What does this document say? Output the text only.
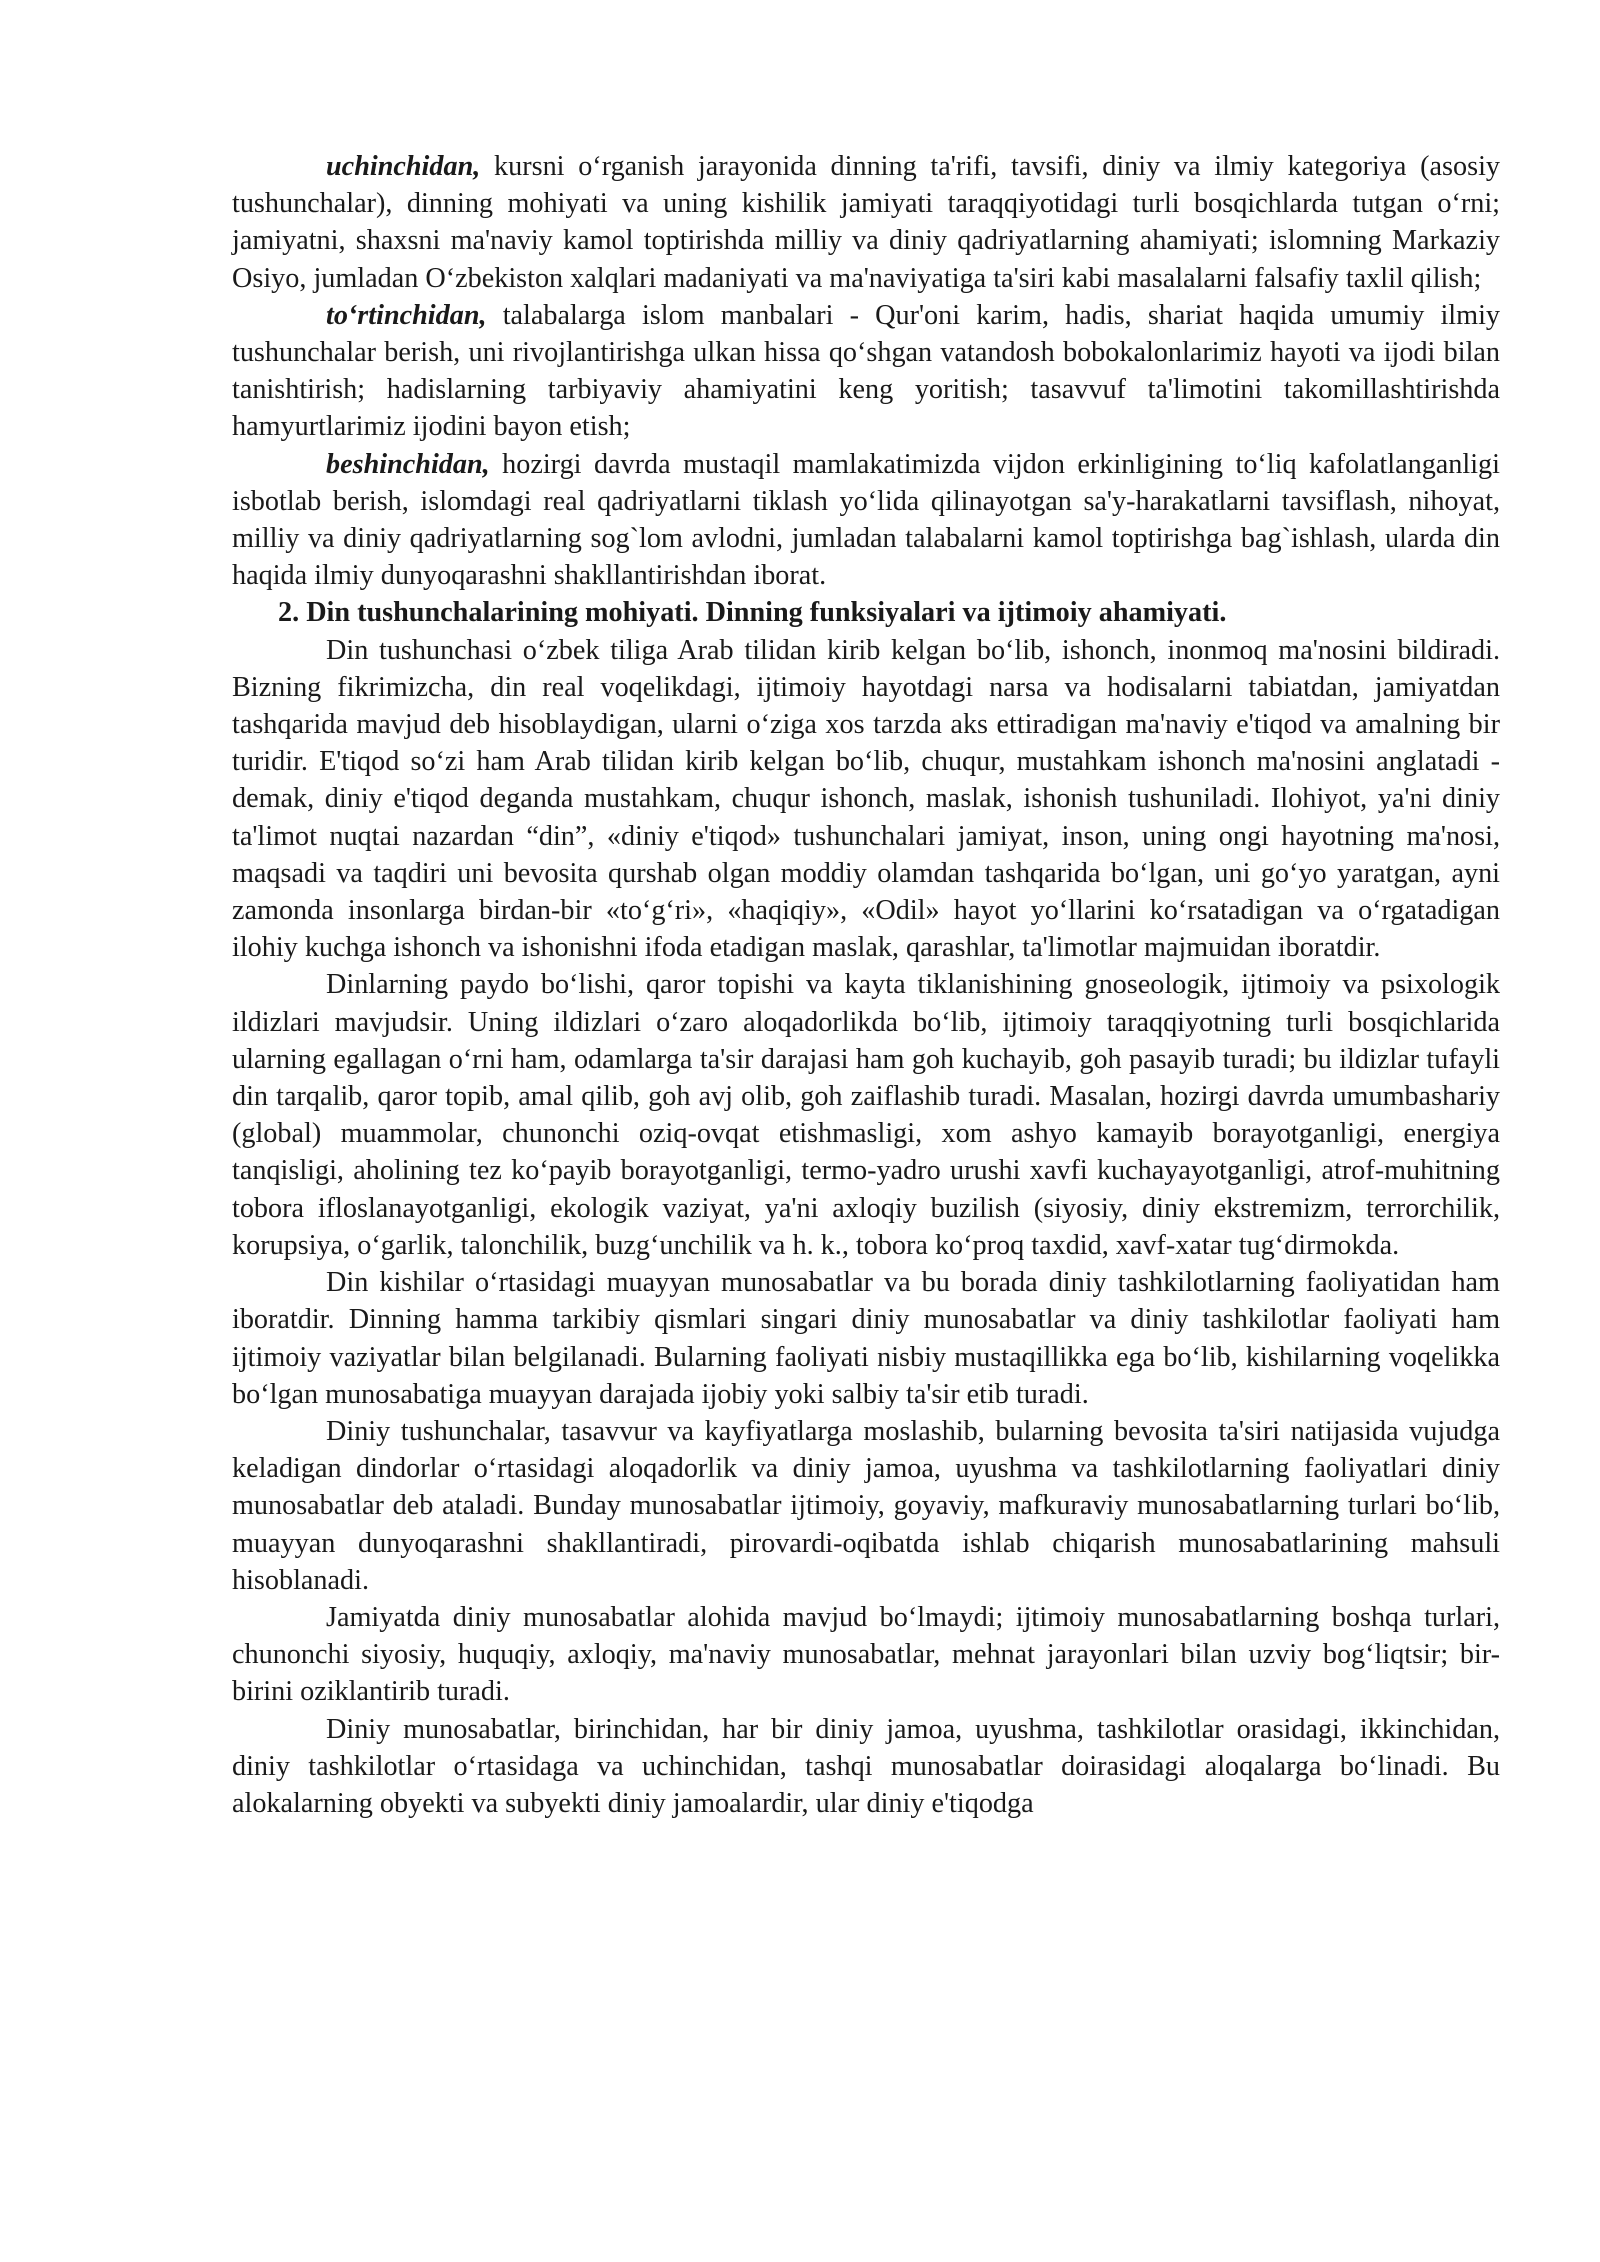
uchinchidan, kursni o‘rganish jarayonida dinning ta'rifi, tavsifi, diniy va ilmiy kategoriya (asosiy tushunchalar), dinning mohiyati va uning kishilik jamiyati taraqqiyotidagi turli bosqichlarda tutgan o‘rni; jamiyatni, shaxsni ma'naviy kamol toptirishda milliy va diniy qadriyatlarning ahamiyati; islomning Markaziy Osiyo, jumladan O‘zbekiston xalqlari madaniyati va ma'naviyatiga ta'siri kabi masalalarni falsafiy taxlil qilish;

to‘rtinchidan, talabalarga islom manbalari - Qur'oni karim, hadis, shariat haqida umumiy ilmiy tushunchalar berish, uni rivojlantirishga ulkan hissa qo‘shgan vatandosh bobokalonlarimiz hayoti va ijodi bilan tanishtirish; hadislarning tarbiyaviy ahamiyatini keng yoritish; tasavvuf ta'limotini takomillashtirishda hamyurtlarimiz ijodini bayon etish;

beshinchidan, hozirgi davrda mustaqil mamlakatimizda vijdon erkinligining to‘liq kafolatlanganligi isbotlab berish, islomdagi real qadriyatlarni tiklash yo‘lida qilinayotgan sa'y-harakatlarni tavsiflash, nihoyat, milliy va diniy qadriyatlarning sog`lom avlodni, jumladan talabalarni kamol toptirishga bag`ishlash, ularda din haqida ilmiy dunyoqarashni shakllantirishdan iborat.

2. Din tushunchalarining mohiyati. Dinning funksiyalari va ijtimoiy ahamiyati.

Din tushunchasi o‘zbek tiliga Arab tilidan kirib kelgan bo‘lib, ishonch, inonmoq ma'nosini bildiradi. Bizning fikrimizcha, din real voqelikdagi, ijtimoiy hayotdagi narsa va hodisalarni tabiatdan, jamiyatdan tashqarida mavjud deb hisoblaydigan, ularni o‘ziga xos tarzda aks ettiradigan ma'naviy e'tiqod va amalning bir turidir. E'tiqod so‘zi ham Arab tilidan kirib kelgan bo‘lib, chuqur, mustahkam ishonch ma'nosini anglatadi - demak, diniy e'tiqod deganda mustahkam, chuqur ishonch, maslak, ishonish tushuniladi. Ilohiyot, ya'ni diniy ta'limot nuqtai nazardan “din”, «diniy e'tiqod» tushunchalari jamiyat, inson, uning ongi hayotning ma'nosi, maqsadi va taqdiri uni bevosita qurshab olgan moddiy olamdan tashqarida bo‘lgan, uni go‘yo yaratgan, ayni zamonda insonlarga birdan-bir «to‘g‘ri», «haqiqiy», «Odil» hayot yo‘llarini ko‘rsatadigan va o‘rgatadigan ilohiy kuchga ishonch va ishonishni ifoda etadigan maslak, qarashlar, ta'limotlar majmuidan iboratdir.

Dinlarning paydo bo‘lishi, qaror topishi va kayta tiklanishining gnoseologik, ijtimoiy va psixologik ildizlari mavjudsir. Uning ildizlari o‘zaro aloqadorlikda bo‘lib, ijtimoiy taraqqiyotning turli bosqichlarida ularning egallagan o‘rni ham, odamlarga ta'sir darajasi ham goh kuchayib, goh pasayib turadi; bu ildizlar tufayli din tarqalib, qaror topib, amal qilib, goh avj olib, goh zaiflashib turadi. Masalan, hozirgi davrda umumbashariy (global) muammolar, chunonchi oziq-ovqat etishmasligi, xom ashyo kamayib borayotganligi, energiya tanqisligi, aholining tez ko‘payib borayotganligi, termo-yadro urushi xavfi kuchayayotganligi, atrof-muhitning tobora ifloslanayotganligi, ekologik vaziyat, ya'ni axloqiy buzilish (siyosiy, diniy ekstremizm, terrorchilik, korupsiya, o‘garlik, talonchilik, buzg‘unchilik va h. k., tobora ko‘proq taxdid, xavf-xatar tug‘dirmokda.

Din kishilar o‘rtasidagi muayyan munosabatlar va bu borada diniy tashkilotlarning faoliyatidan ham iboratdir. Dinning hamma tarkibiy qismlari singari diniy munosabatlar va diniy tashkilotlar faoliyati ham ijtimoiy vaziyatlar bilan belgilanadi. Bularning faoliyati nisbiy mustaqillikka ega bo‘lib, kishilarning voqelikka bo‘lgan munosabatiga muayyan darajada ijobiy yoki salbiy ta'sir etib turadi.

Diniy tushunchalar, tasavvur va kayfiyatlarga moslashib, bularning bevosita ta'siri natijasida vujudga keladigan dindorlar o‘rtasidagi aloqadorlik va diniy jamoa, uyushma va tashkilotlarning faoliyatlari diniy munosabatlar deb ataladi. Bunday munosabatlar ijtimoiy, goyaviy, mafkuraviy munosabatlarning turlari bo‘lib, muayyan dunyoqarashni shakllantiradi, pirovardi-oqibatda ishlab chiqarish munosabatlarining mahsuli hisoblanadi.

Jamiyatda diniy munosabatlar alohida mavjud bo‘lmaydi; ijtimoiy munosabatlarning boshqa turlari, chunonchi siyosiy, huquqiy, axloqiy, ma'naviy munosabatlar, mehnat jarayonlari bilan uzviy bog‘liqtsir; bir-birini oziklantirib turadi.

Diniy munosabatlar, birinchidan, har bir diniy jamoa, uyushma, tashkilotlar orasidagi, ikkinchidan, diniy tashkilotlar o‘rtasidaga va uchinchidan, tashqi munosabatlar doirasidagi aloqalarga bo‘linadi. Bu alokalarning obyekti va subyekti diniy jamoalardir, ular diniy e'tiqodga
